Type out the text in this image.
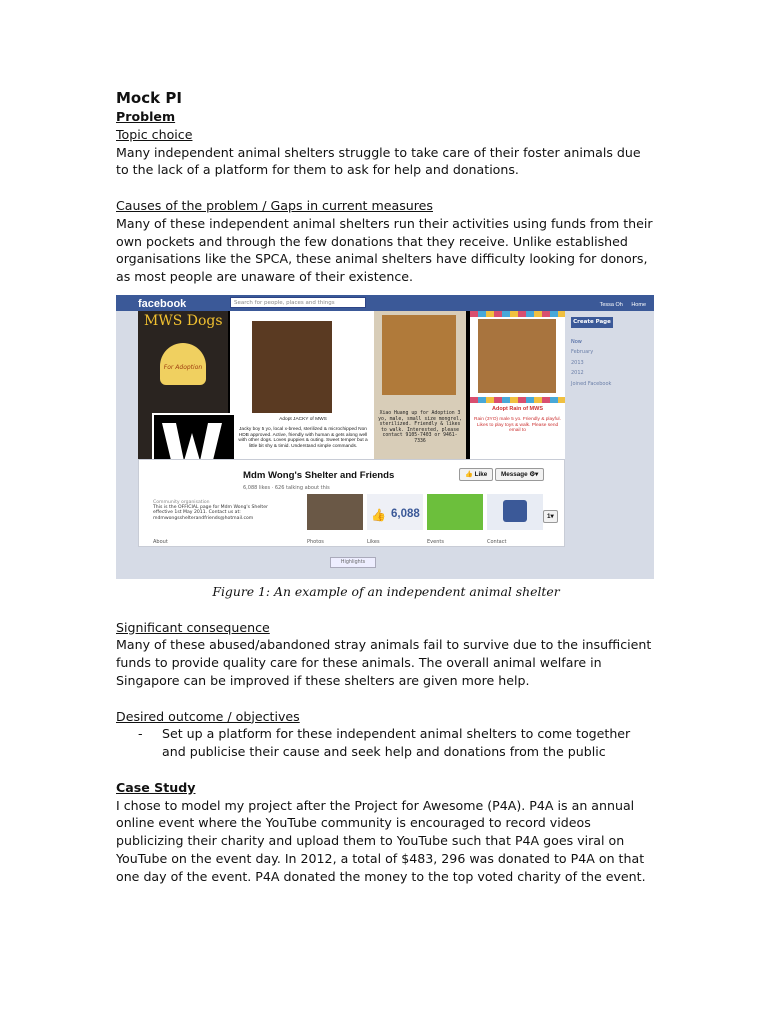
Mock PI

Problem

Topic choice

Many independent animal shelters struggle to take care of their foster animals due

to the lack of a platform for them to ask for help and donations.

Causes of the problem / Gaps in current measures

Many of these independent animal shelters run their activities using funds from their

own pockets and through the few donations that they receive. Unlike established

organisations like the SPCA, these animal shelters have difficulty looking for donors,

as most people are unaware of their existence.

facebook	Search for people, places and things	Tessa Oh Home
MWS Dogs
For Adoption
Adopt JACKY of MWS
Jacky boy 5 yo, local x-breed, sterilized & microchipped Non HDB approved. Active, friendly with human & gets along well with other dogs. Loves puppies & outing. Sweet temper but a little bit shy & timid. Understand simple commands.
Xiao Huang up for Adoption 3 yo, male, small size mongrel, sterilized. Friendly & likes to walk. Interested, please contact 9105-7403 or 9461-7336
Adopt Rain of MWS
Rain (3YO) male 5 yo. Friendly & playful. Likes to play toys & walk. Please send email to
Mdm Wong's Shelter and Friends
6,088 likes · 626 talking about this
👍 Like	Message ⚙▾
Community organisation
This is the OFFICIAL page for Mdm Wong's Shelter
effective 1st May 2011. Contact us at:
mdmwongsshelterandfriends@hotmail.com
About
👍 6,088	1▾
Photos	Likes	Events	Contact
Create Page
Now
February
2013
2012
Joined Facebook
Highlights

Figure 1: An example of an independent animal shelter

Significant consequence

Many of these abused/abandoned stray animals fail to survive due to the insufficient

funds to provide quality care for these animals. The overall animal welfare in

Singapore can be improved if these shelters are given more help.

Desired outcome / objectives

-	Set up a platform for these independent animal shelters to come together
and publicise their cause and seek help and donations from the public

Case Study

I chose to model my project after the Project for Awesome (P4A). P4A is an annual

online event where the YouTube community is encouraged to record videos

publicizing their charity and upload them to YouTube such that P4A goes viral on

YouTube on the event day. In 2012, a total of $483, 296 was donated to P4A on that

one day of the event. P4A donated the money to the top voted charity of the event.
